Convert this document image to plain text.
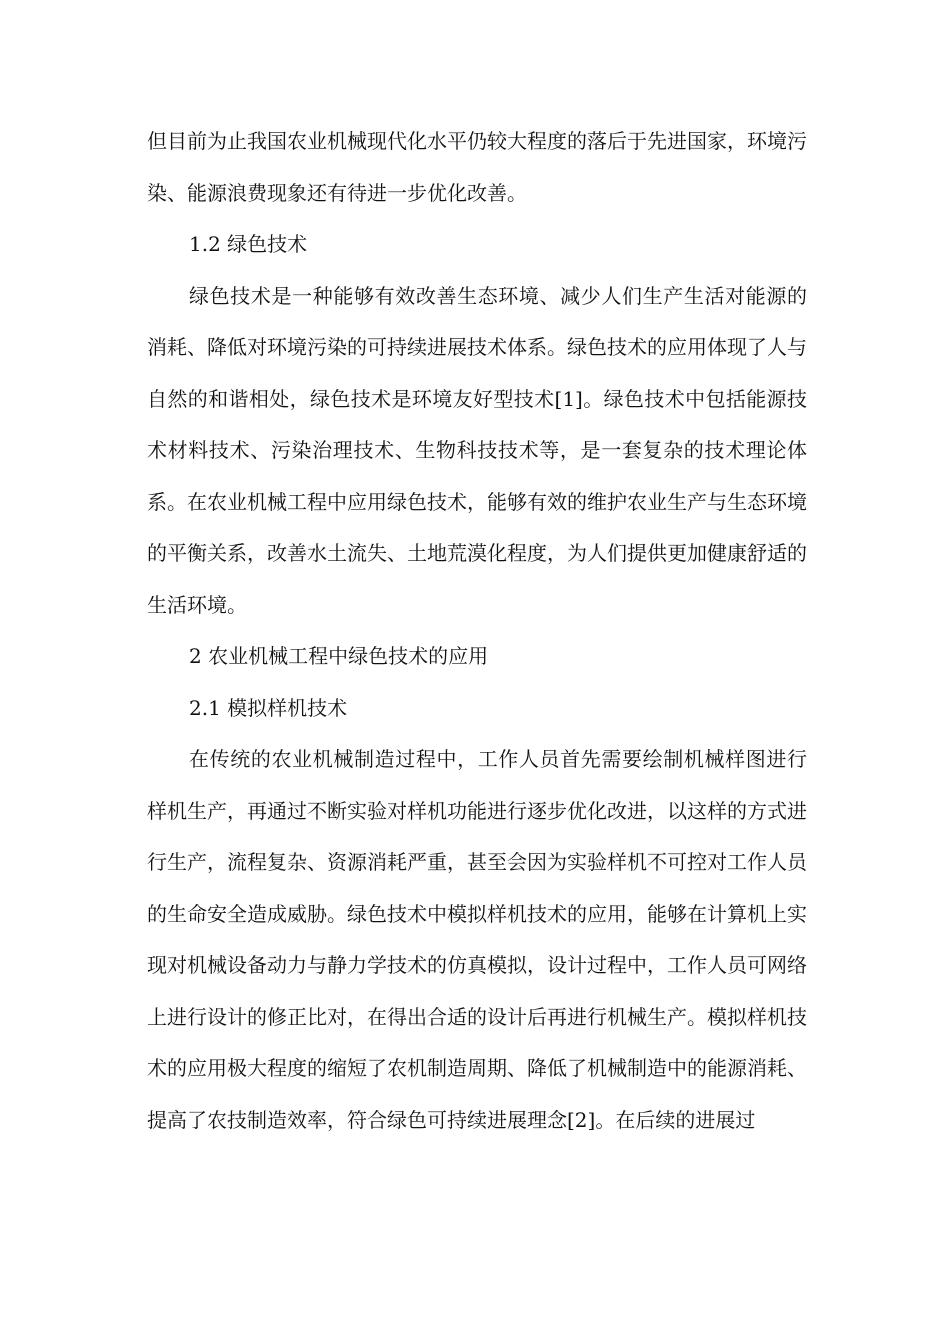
但目前为止我国农业机械现代化水平仍较大程度的落后于先进国家，环境污染、能源浪费现象还有待进一步优化改善。

1.2 绿色技术

绿色技术是一种能够有效改善生态环境、减少人们生产生活对能源的消耗、降低对环境污染的可持续进展技术体系。绿色技术的应用体现了人与自然的和谐相处，绿色技术是环境友好型技术[1]。绿色技术中包括能源技术材料技术、污染治理技术、生物科技技术等，是一套复杂的技术理论体系。在农业机械工程中应用绿色技术，能够有效的维护农业生产与生态环境的平衡关系，改善水土流失、土地荒漠化程度，为人们提供更加健康舒适的生活环境。

2 农业机械工程中绿色技术的应用

2.1 模拟样机技术

在传统的农业机械制造过程中，工作人员首先需要绘制机械样图进行样机生产，再通过不断实验对样机功能进行逐步优化改进，以这样的方式进行生产，流程复杂、资源消耗严重，甚至会因为实验样机不可控对工作人员的生命安全造成威胁。绿色技术中模拟样机技术的应用，能够在计算机上实现对机械设备动力与静力学技术的仿真模拟，设计过程中，工作人员可网络上进行设计的修正比对，在得出合适的设计后再进行机械生产。模拟样机技术的应用极大程度的缩短了农机制造周期、降低了机械制造中的能源消耗、提高了农技制造效率，符合绿色可持续进展理念[2]。在后续的进展过
